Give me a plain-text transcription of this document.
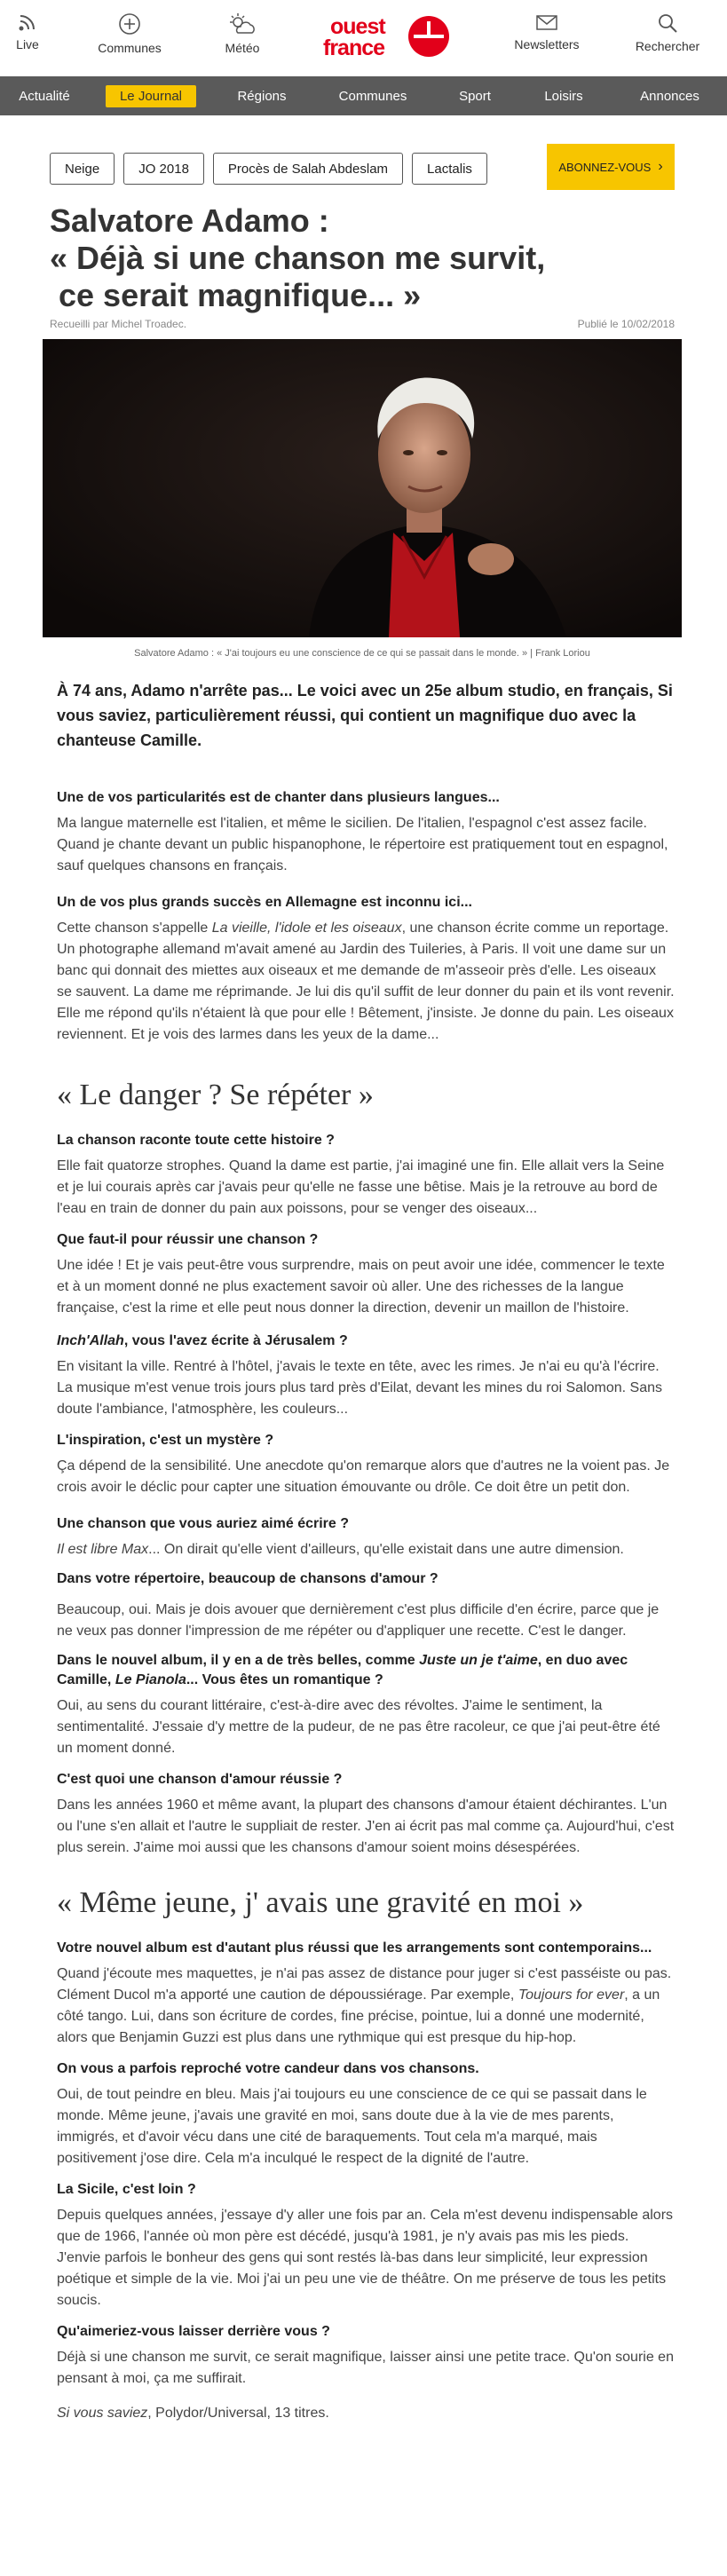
Live	Communes	Météo
ouest
france	Newsletters	Rechercher
Actualité	Le Journal	Régions	Communes	Sport	Loisirs	Annonces
Neige	JO 2018	Procès de Salah Abdeslam	Lactalis	ABONNEZ-VOUS ›
Salvatore Adamo :
« Déjà si une chanson me survit,
ce serait magnifique... »
Recueilli par Michel Troadec.	Publié le 10/02/2018
Salvatore Adamo : « J'ai toujours eu une conscience de ce qui se passait dans le monde. » | Frank Loriou

À 74 ans, Adamo n'arrête pas... Le voici avec un 25e album studio, en français, Si vous saviez, particulièrement réussi, qui contient un magnifique duo avec la chanteuse Camille.

Une de vos particularités est de chanter dans plusieurs langues...

Ma langue maternelle est l'italien, et même le sicilien. De l'italien, l'espagnol c'est assez facile. Quand je chante devant un public hispanophone, le répertoire est pratiquement tout en espagnol, sauf quelques chansons en français.

Un de vos plus grands succès en Allemagne est inconnu ici...

Cette chanson s'appelle La vieille, l'idole et les oiseaux, une chanson écrite comme un reportage. Un photographe allemand m'avait amené au Jardin des Tuileries, à Paris. Il voit une dame sur un banc qui donnait des miettes aux oiseaux et me demande de m'asseoir près d'elle. Les oiseaux se sauvent. La dame me réprimande. Je lui dis qu'il suffit de leur donner du pain et ils vont revenir. Elle me répond qu'ils n'étaient là que pour elle ! Bêtement, j'insiste. Je donne du pain. Les oiseaux reviennent. Et je vois des larmes dans les yeux de la dame...

« Le danger ? Se répéter »

La chanson raconte toute cette histoire ?

Elle fait quatorze strophes. Quand la dame est partie, j'ai imaginé une fin. Elle allait vers la Seine et je lui courais après car j'avais peur qu'elle ne fasse une bêtise. Mais je la retrouve au bord de l'eau en train de donner du pain aux poissons, pour se venger des oiseaux...

Que faut-il pour réussir une chanson ?

Une idée ! Et je vais peut-être vous surprendre, mais on peut avoir une idée, commencer le texte et à un moment donné ne plus exactement savoir où aller. Une des richesses de la langue française, c'est la rime et elle peut nous donner la direction, devenir un maillon de l'histoire.

Inch'Allah, vous l'avez écrite à Jérusalem ?

En visitant la ville. Rentré à l'hôtel, j'avais le texte en tête, avec les rimes. Je n'ai eu qu'à l'écrire. La musique m'est venue trois jours plus tard près d'Eilat, devant les mines du roi Salomon. Sans doute l'ambiance, l'atmosphère, les couleurs...

L'inspiration, c'est un mystère ?

Ça dépend de la sensibilité. Une anecdote qu'on remarque alors que d'autres ne la voient pas. Je crois avoir le déclic pour capter une situation émouvante ou drôle. Ce doit être un petit don.

Une chanson que vous auriez aimé écrire ?

Il est libre Max... On dirait qu'elle vient d'ailleurs, qu'elle existait dans une autre dimension.

Dans votre répertoire, beaucoup de chansons d'amour ?

Beaucoup, oui. Mais je dois avouer que dernièrement c'est plus difficile d'en écrire, parce que je ne veux pas donner l'impression de me répéter ou d'appliquer une recette. C'est le danger.

Dans le nouvel album, il y en a de très belles, comme Juste un je t'aime, en duo avec Camille, Le Pianola... Vous êtes un romantique ?

Oui, au sens du courant littéraire, c'est-à-dire avec des révoltes. J'aime le sentiment, la sentimentalité. J'essaie d'y mettre de la pudeur, de ne pas être racoleur, ce que j'ai peut-être été un moment donné.

C'est quoi une chanson d'amour réussie ?

Dans les années 1960 et même avant, la plupart des chansons d'amour étaient déchirantes. L'un ou l'une s'en allait et l'autre le suppliait de rester. J'en ai écrit pas mal comme ça. Aujourd'hui, c'est plus serein. J'aime moi aussi que les chansons d'amour soient moins désespérées.

« Même jeune, j' avais une gravité en moi »

Votre nouvel album est d'autant plus réussi que les arrangements sont contemporains...

Quand j'écoute mes maquettes, je n'ai pas assez de distance pour juger si c'est passéiste ou pas. Clément Ducol m'a apporté une caution de dépoussiérage. Par exemple, Toujours for ever, a un côté tango. Lui, dans son écriture de cordes, fine précise, pointue, lui a donné une modernité, alors que Benjamin Guzzi est plus dans une rythmique qui est presque du hip-hop.

On vous a parfois reproché votre candeur dans vos chansons.

Oui, de tout peindre en bleu. Mais j'ai toujours eu une conscience de ce qui se passait dans le monde. Même jeune, j'avais une gravité en moi, sans doute due à la vie de mes parents, immigrés, et d'avoir vécu dans une cité de baraquements. Tout cela m'a marqué, mais positivement j'ose dire. Cela m'a inculqué le respect de la dignité de l'autre.

La Sicile, c'est loin ?

Depuis quelques années, j'essaye d'y aller une fois par an. Cela m'est devenu indispensable alors que de 1966, l'année où mon père est décédé, jusqu'à 1981, je n'y avais pas mis les pieds. J'envie parfois le bonheur des gens qui sont restés là-bas dans leur simplicité, leur expression poétique et simple de la vie. Moi j'ai un peu une vie de théâtre. On me préserve de tous les petits soucis.

Qu'aimeriez-vous laisser derrière vous ?

Déjà si une chanson me survit, ce serait magnifique, laisser ainsi une petite trace. Qu'on sourie en pensant à moi, ça me suffirait.

Si vous saviez, Polydor/Universal, 13 titres.
